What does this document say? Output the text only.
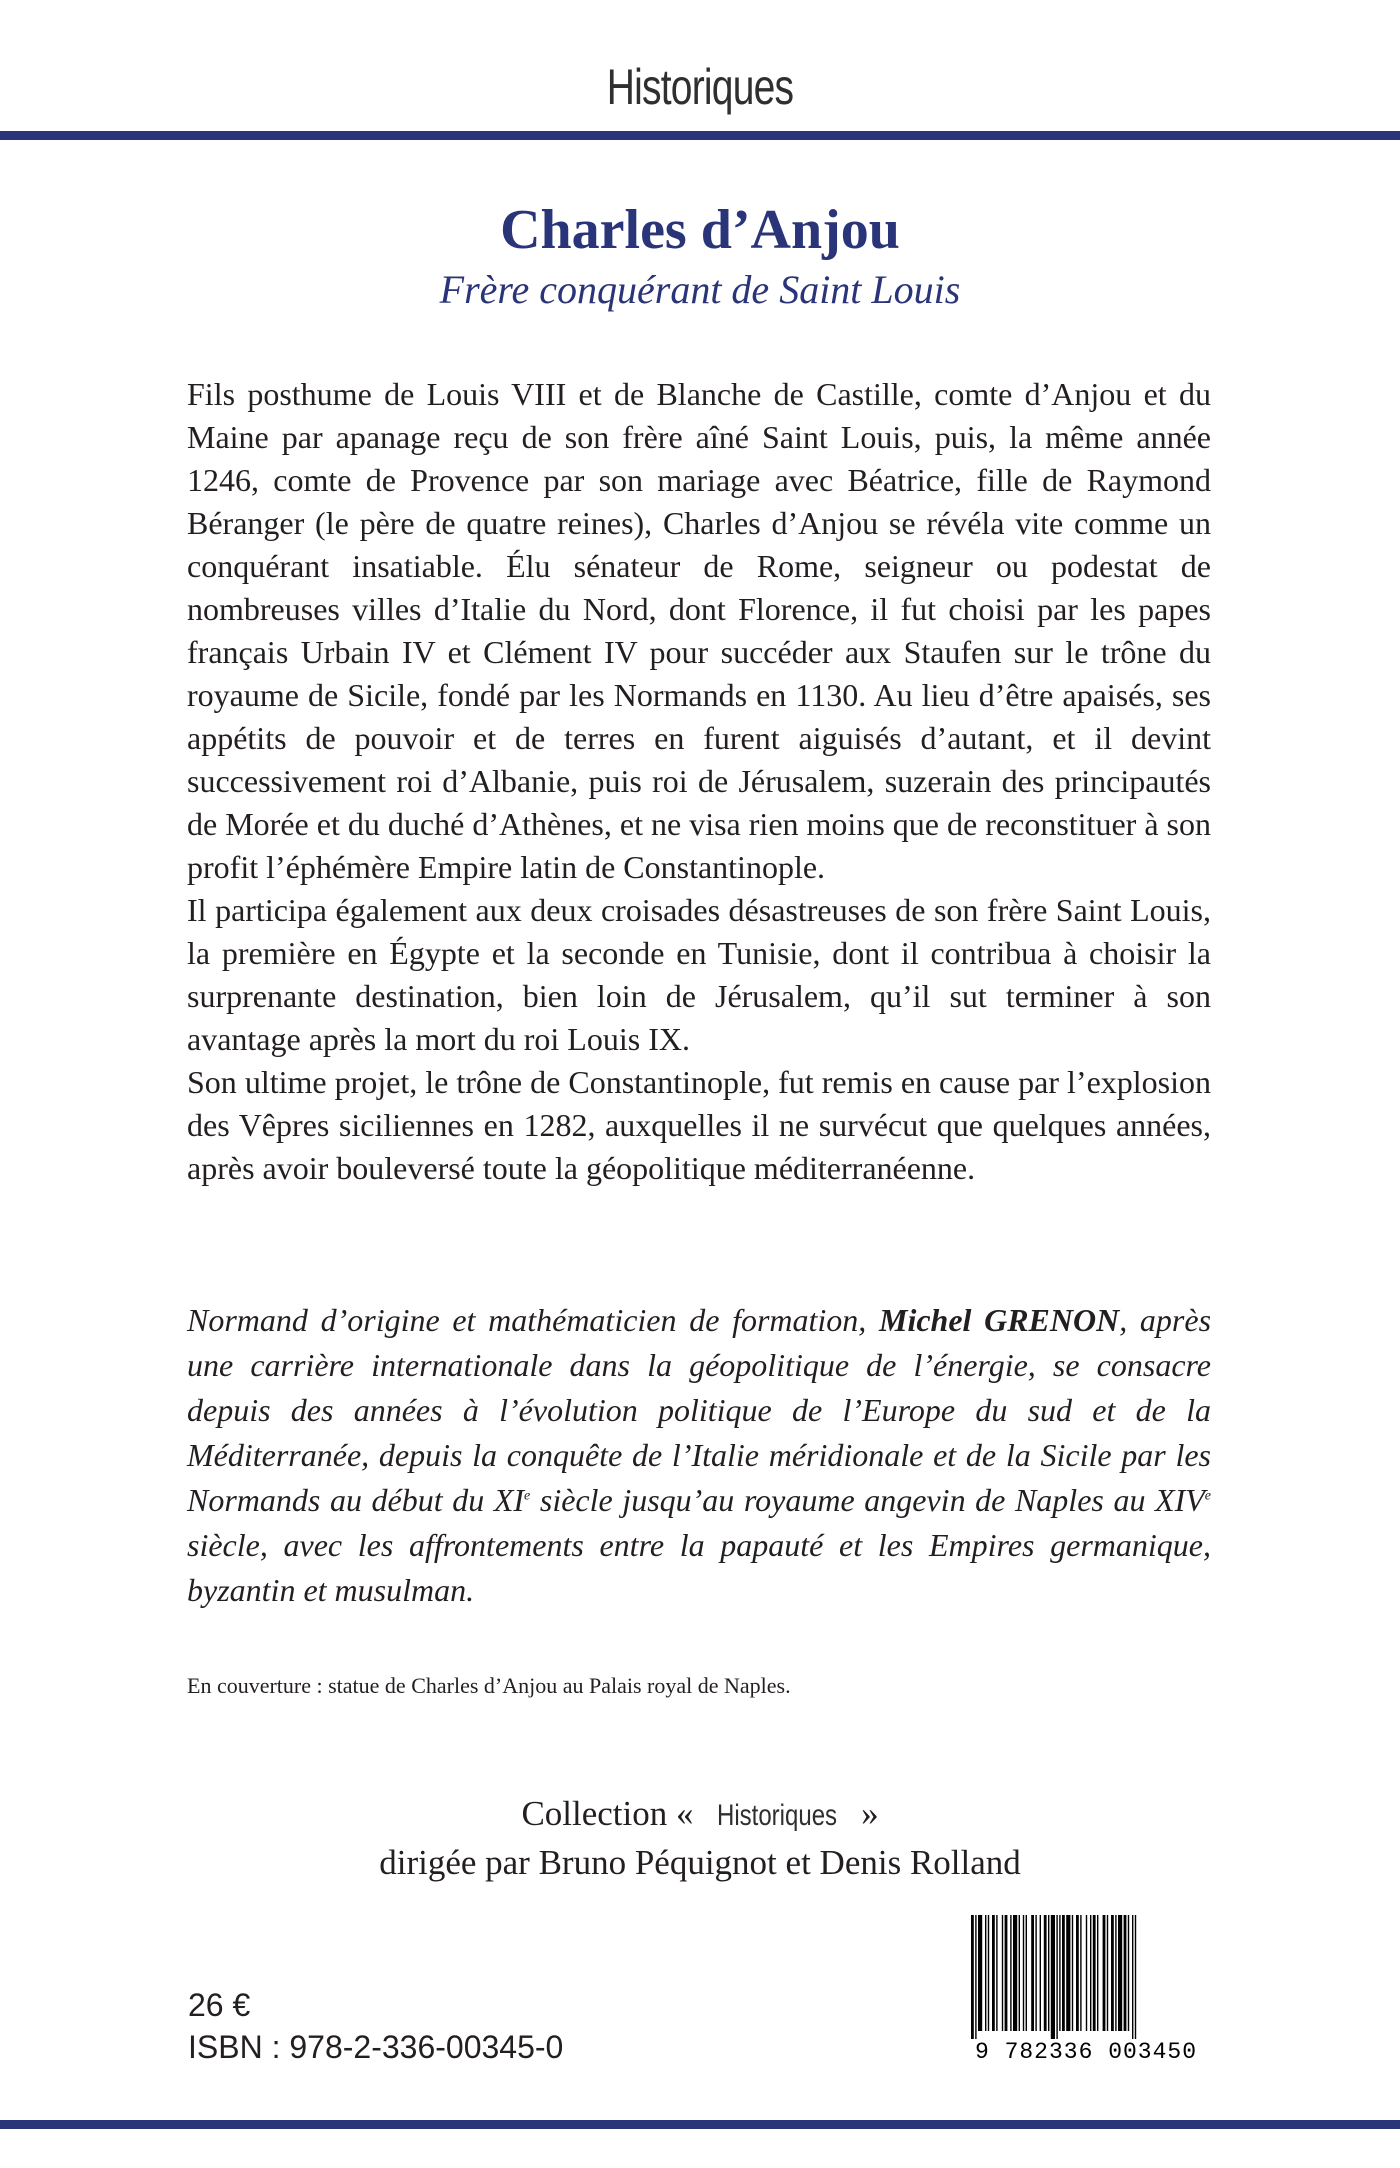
Historiques
Charles d’Anjou
Frère conquérant de Saint Louis

Fils posthume de Louis VIII et de Blanche de Castille, comte d’Anjou et du Maine par apanage reçu de son frère aîné Saint Louis, puis, la même année 1246, comte de Provence par son mariage avec Béatrice, fille de Raymond Béranger (le père de quatre reines), Charles d’Anjou se révéla vite comme un conquérant insatiable. Élu sénateur de Rome, seigneur ou podestat de nombreuses villes d’Italie du Nord, dont Florence, il fut choisi par les papes français Urbain IV et Clément IV pour succéder aux Staufen sur le trône du royaume de Sicile, fondé par les Normands en 1130. Au lieu d’être apaisés, ses appétits de pouvoir et de terres en furent aiguisés d’autant, et il devint successivement roi d’Albanie, puis roi de Jérusalem, suzerain des principautés de Morée et du duché d’Athènes, et ne visa rien moins que de reconstituer à son profit l’éphémère Empire latin de Constantinople.

Il participa également aux deux croisades désastreuses de son frère Saint Louis, la première en Égypte et la seconde en Tunisie, dont il contribua à choisir la surprenante destination, bien loin de Jérusalem, qu’il sut terminer à son avantage après la mort du roi Louis IX.

Son ultime projet, le trône de Constantinople, fut remis en cause par l’explosion des Vêpres siciliennes en 1282, auxquelles il ne survécut que quelques années, après avoir bouleversé toute la géopolitique méditerranéenne.

Normand d’origine et mathématicien de formation, Michel GRENON, après une carrière internationale dans la géopolitique de l’énergie, se consacre depuis des années à l’évolution politique de l’Europe du sud et de la Méditerranée, depuis la conquête de l’Italie méridionale et de la Sicile par les Normands au début du XIe siècle jusqu’au royaume angevin de Naples au XIVe siècle, avec les affrontements entre la papauté et les Empires germanique, byzantin et musulman.

En couverture : statue de Charles d’Anjou au Palais royal de Naples.
Collection « Historiques »
dirigée par Bruno Péquignot et Denis Rolland
26 €
ISBN : 978-2-336-00345-0	9 782336 003450
